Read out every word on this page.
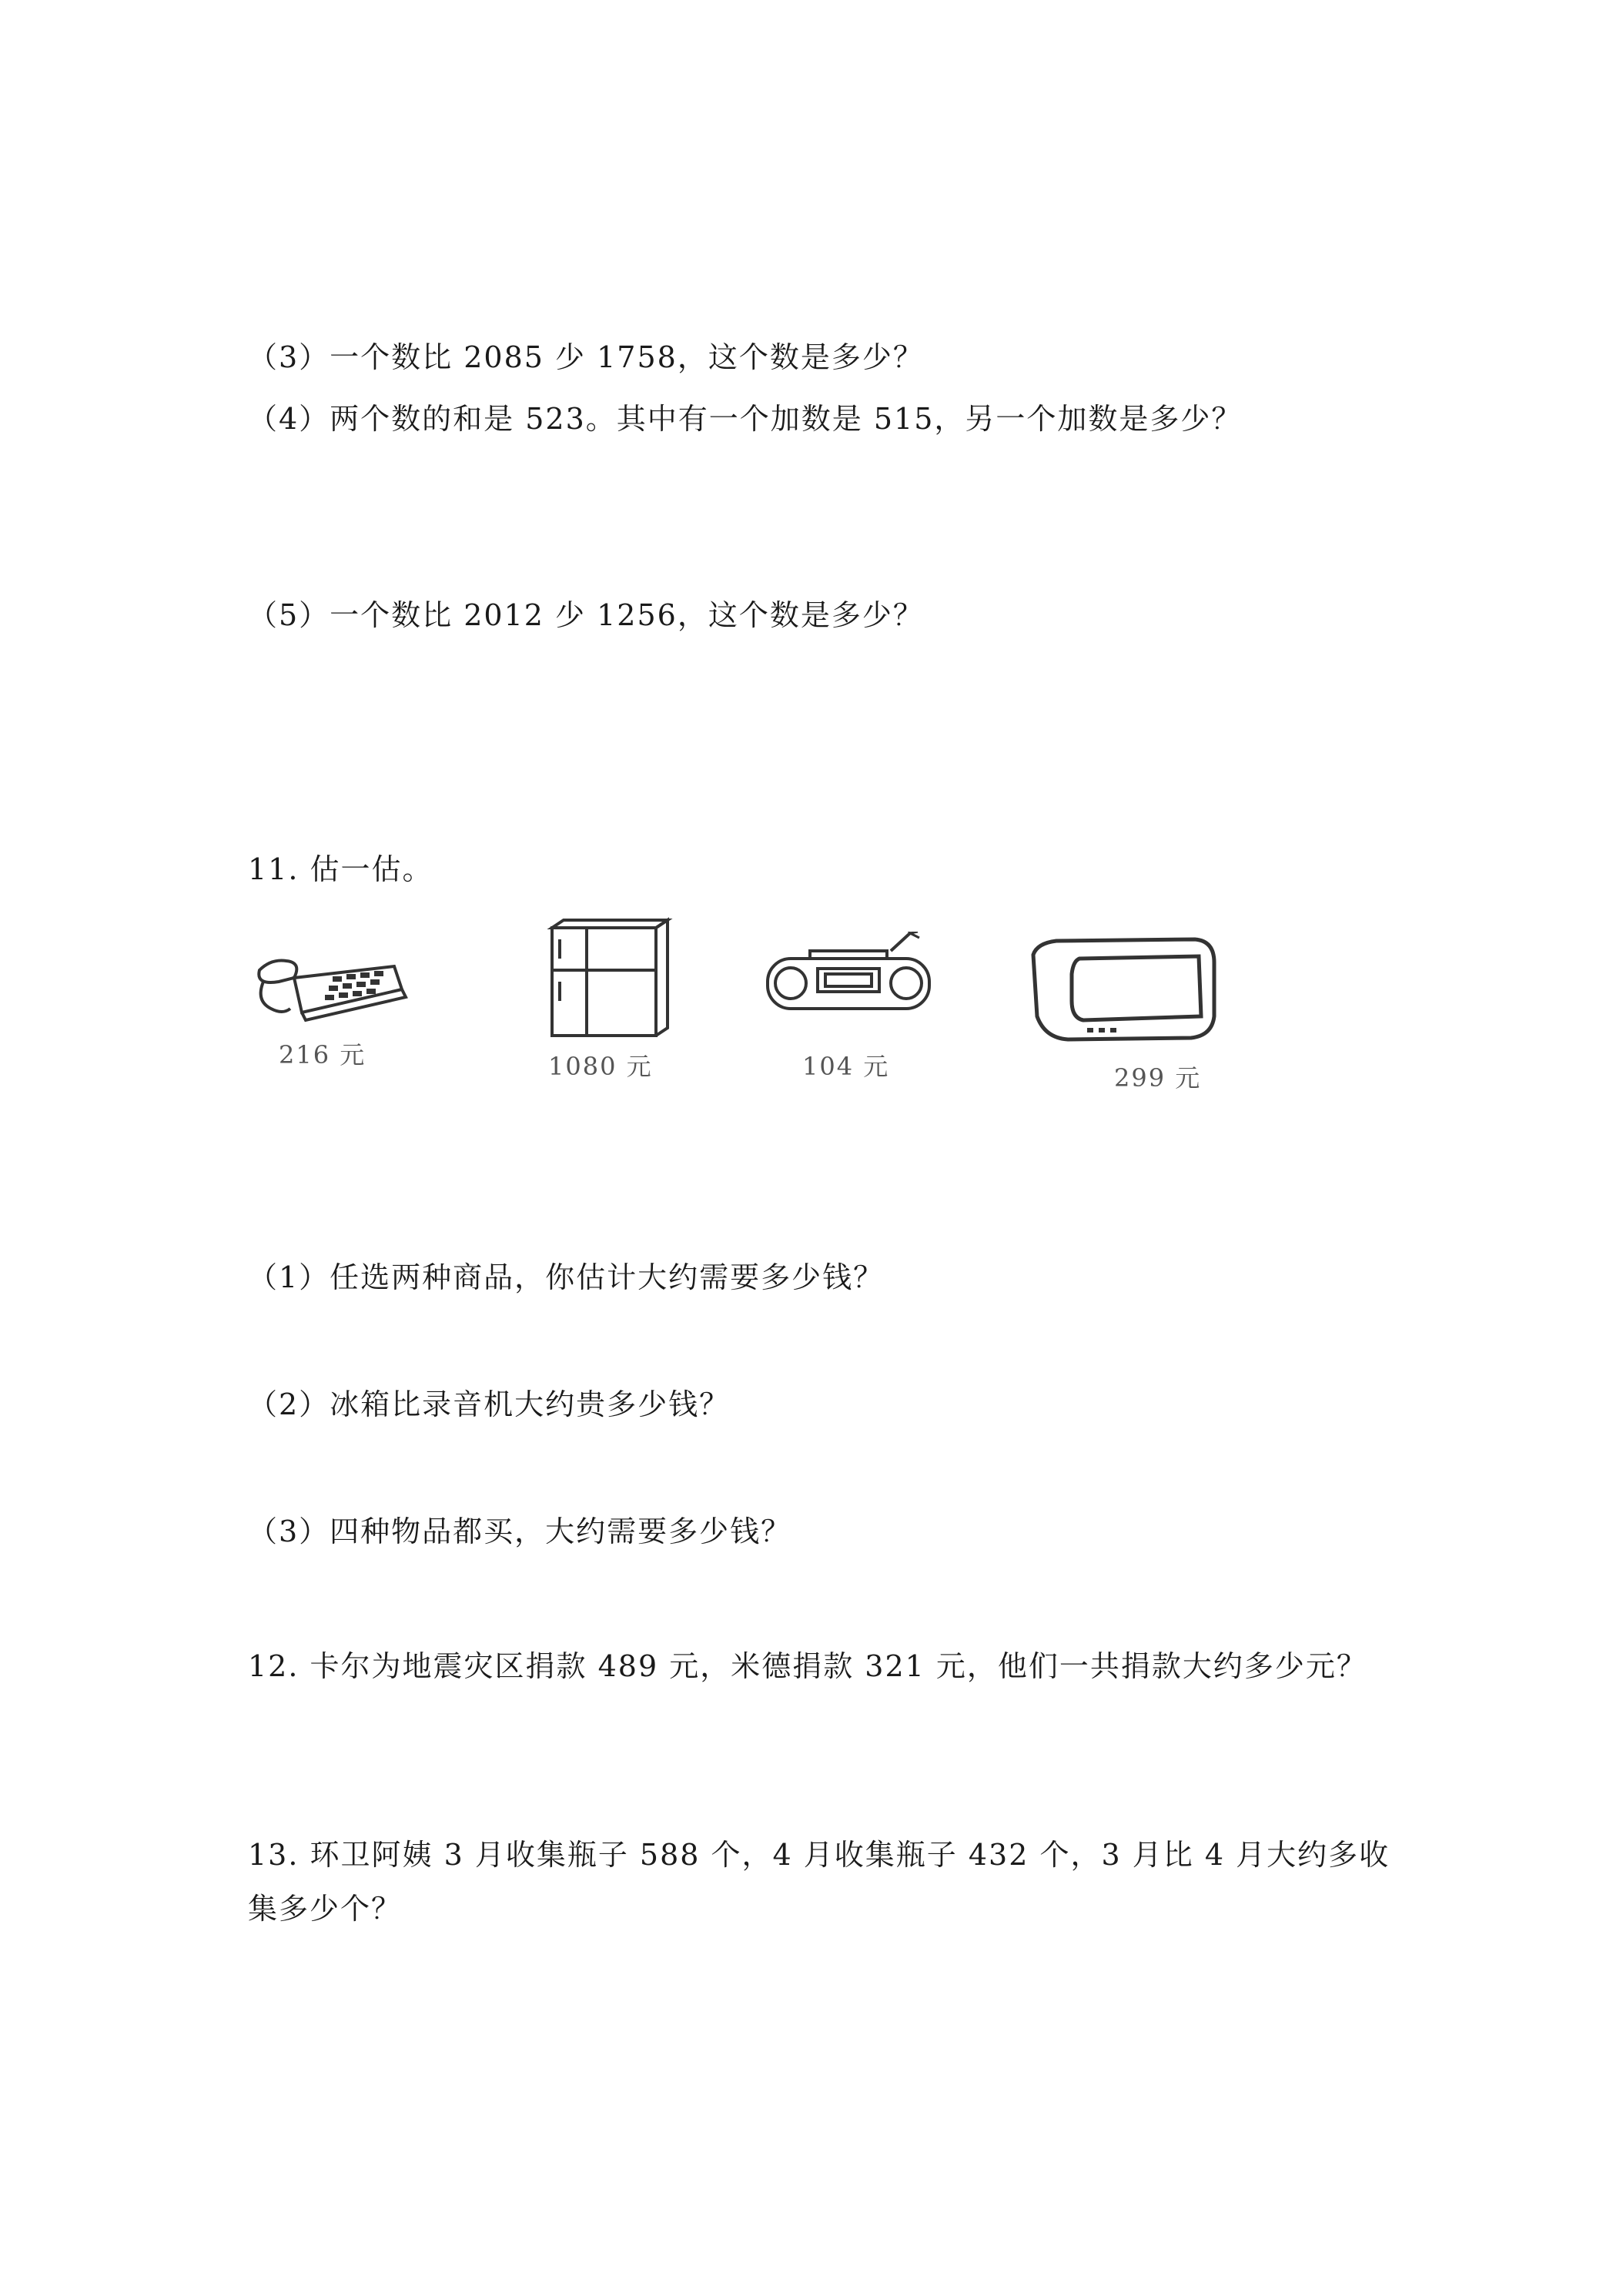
（3）一个数比 2085 少 1758，这个数是多少？
（4）两个数的和是 523。其中有一个加数是 515，另一个加数是多少？
（5）一个数比 2012 少 1256，这个数是多少？
11. 估一估。
216 元	1080 元	104 元	299 元
（1）任选两种商品，你估计大约需要多少钱？
（2）冰箱比录音机大约贵多少钱？
（3）四种物品都买，大约需要多少钱？
12. 卡尔为地震灾区捐款 489 元，米德捐款 321 元，他们一共捐款大约多少元？
13. 环卫阿姨 3 月收集瓶子 588 个，4 月收集瓶子 432 个，3 月比 4 月大约多收
集多少个？
